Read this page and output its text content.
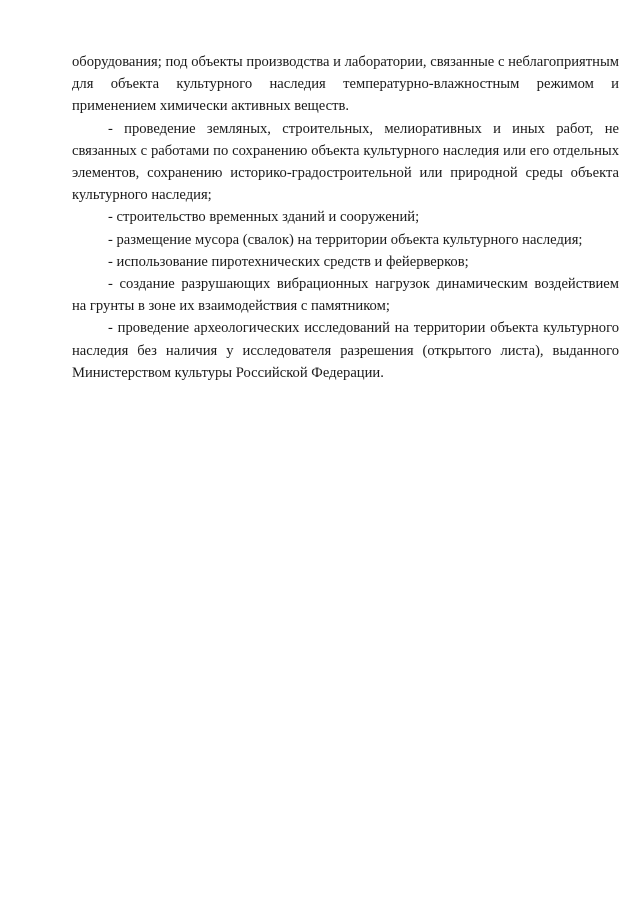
оборудования; под объекты производства и лаборатории, связанные с неблагоприятным для объекта культурного наследия температурно-влажностным режимом и применением химически активных веществ.

- проведение земляных, строительных, мелиоративных и иных работ, не связанных с работами по сохранению объекта культурного наследия или его отдельных элементов, сохранению историко-градостроительной или природной среды объекта культурного наследия;

- строительство временных зданий и сооружений;

- размещение мусора (свалок) на территории объекта культурного наследия;

- использование пиротехнических средств и фейерверков;

- создание разрушающих вибрационных нагрузок динамическим воздействием на грунты в зоне их взаимодействия с памятником;

- проведение археологических исследований на территории объекта культурного наследия без наличия у исследователя разрешения (открытого листа), выданного Министерством культуры Российской Федерации.
